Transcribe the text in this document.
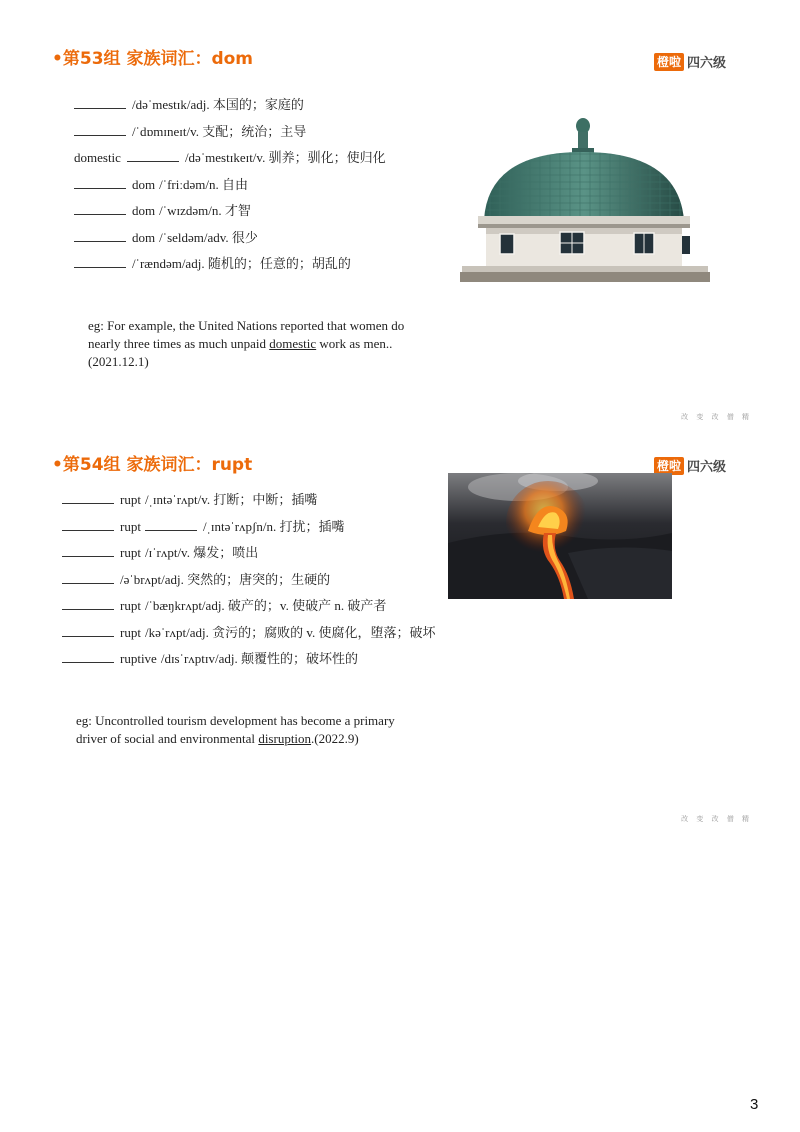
•第53组 家族词汇：dom	橙啦 四六级
/dəˈmestɪk/adj. 本国的；家庭的
/ˈdɒmɪneɪt/v. 支配；统治；主导
domestic	/dəˈmestɪkeɪt/v. 驯养；驯化；使归化
dom /ˈfriːdəm/n. 自由
dom /ˈwɪzdəm/n. 才智
dom /ˈseldəm/adv. 很少
/ˈrændəm/adj. 随机的；任意的；胡乱的

eg: For example, the United Nations reported that women do nearly three times as much unpaid domestic work as men..(2021.12.1)

改 变 改 僧 精
•第54组 家族词汇：rupt	橙啦 四六级
rupt /ˌɪntəˈrʌpt/v. 打断；中断；插嘴
rupt	/ˌɪntəˈrʌpʃn/n. 打扰；插嘴
rupt /ɪˈrʌpt/v. 爆发；喷出
/əˈbrʌpt/adj. 突然的；唐突的；生硬的
rupt /ˈbæŋkrʌpt/adj. 破产的；v. 使破产 n. 破产者
rupt /kəˈrʌpt/adj. 贪污的；腐败的 v. 使腐化，堕落；破坏
ruptive /dɪsˈrʌptɪv/adj. 颠覆性的；破坏性的

eg: Uncontrolled tourism development has become a primary driver of social and environmental disruption.(2022.9)

改 变 改 僧 精
3
